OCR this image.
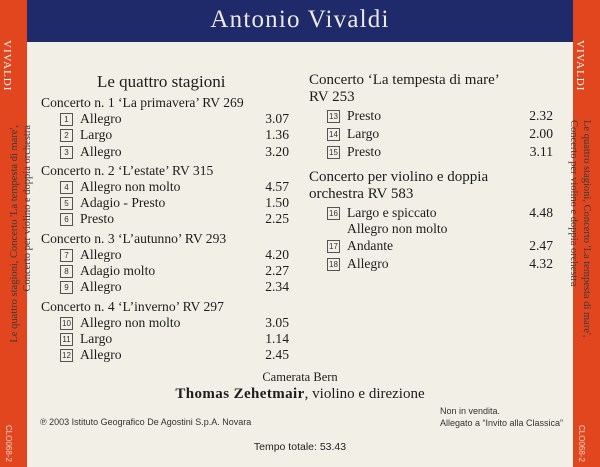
VIVALDI
CLO068-2
VIVALDI
CLO068-2
Le quattro stagioni, Concerto 'La tempesta di mare', Concerto per violino e doppia orchestra	Le quattro stagioni, Concerto 'La tempesta di mare',
Concerto per violino e doppia orchestra
Antonio Vivaldi
Le quattro stagioni
Concerto n. 1 ‘La primavera’ RV 269
1 Allegro	3.07
2 Largo	1.36
3 Allegro	3.20
Concerto n. 2 ‘L’estate’ RV 315
4 Allegro non molto	4.57
5 Adagio - Presto	1.50
6 Presto	2.25
Concerto n. 3 ‘L’autunno’ RV 293
7 Allegro	4.20
8 Adagio molto	2.27
9 Allegro	2.34
Concerto n. 4 ‘L’inverno’ RV 297
10 Allegro non molto	3.05
11 Largo	1.14
12 Allegro	2.45
Concerto ‘La tempesta di mare’
RV 253
13 Presto	2.32
14 Largo	2.00
15 Presto	3.11
Concerto per violino e doppia
orchestra RV 583
16 Largo e spiccato
Allegro non molto
4.48
17 Andante	2.47
18 Allegro	4.32
Camerata Bern
Thomas Zehetmair, violino e direzione
℗ 2003 Istituto Geografico De Agostini S.p.A. Novara
Non in vendita.
Allegato a “Invito alla Classica”
Tempo totale: 53.43
